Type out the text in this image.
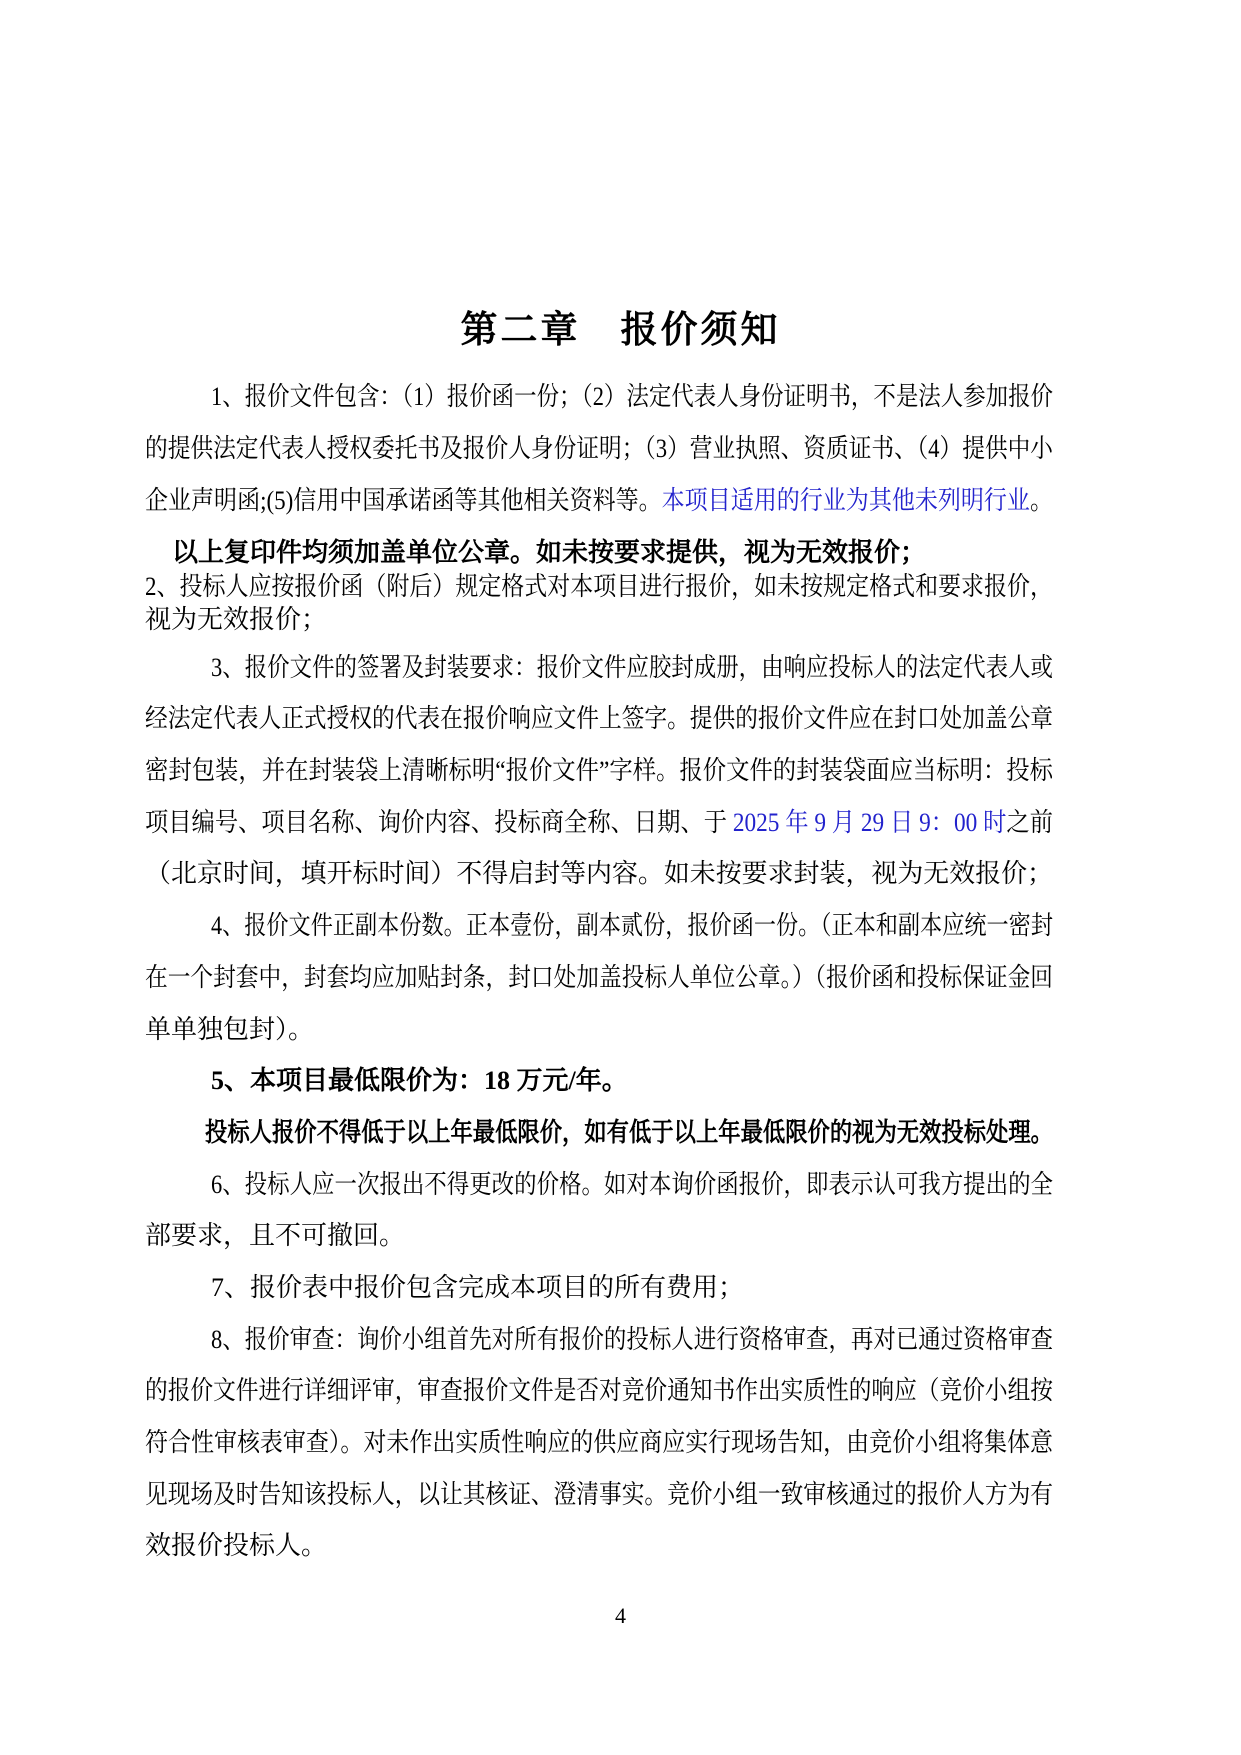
第二章　报价须知
1、报价文件包含：（1）报价函一份；（2）法定代表人身份证明书，不是法人参加报价
的提供法定代表人授权委托书及报价人身份证明；（3）营业执照、资质证书、（4）提供中小
企业声明函;(5)信用中国承诺函等其他相关资料等。本项目适用的行业为其他未列明行业。
以上复印件均须加盖单位公章。如未按要求提供，视为无效报价；
2、投标人应按报价函（附后）规定格式对本项目进行报价，如未按规定格式和要求报价，
视为无效报价；
3、报价文件的签署及封装要求：报价文件应胶封成册，由响应投标人的法定代表人或
经法定代表人正式授权的代表在报价响应文件上签字。提供的报价文件应在封口处加盖公章
密封包装，并在封装袋上清晰标明“报价文件”字样。报价文件的封装袋面应当标明：投标
项目编号、项目名称、询价内容、投标商全称、日期、于 2025 年 9 月 29 日 9：00 时之前
（北京时间，填开标时间）不得启封等内容。如未按要求封装，视为无效报价；
4、报价文件正副本份数。正本壹份，副本贰份，报价函一份。（正本和副本应统一密封
在一个封套中，封套均应加贴封条，封口处加盖投标人单位公章。）（报价函和投标保证金回
单单独包封）。
5、本项目最低限价为：18 万元/年。
投标人报价不得低于以上年最低限价，如有低于以上年最低限价的视为无效投标处理。
6、投标人应一次报出不得更改的价格。如对本询价函报价，即表示认可我方提出的全
部要求，且不可撤回。
7、报价表中报价包含完成本项目的所有费用；
8、报价审查：询价小组首先对所有报价的投标人进行资格审查，再对已通过资格审查
的报价文件进行详细评审，审查报价文件是否对竞价通知书作出实质性的响应（竞价小组按
符合性审核表审查）。对未作出实质性响应的供应商应实行现场告知，由竞价小组将集体意
见现场及时告知该投标人，以让其核证、澄清事实。竞价小组一致审核通过的报价人方为有
效报价投标人。
4
